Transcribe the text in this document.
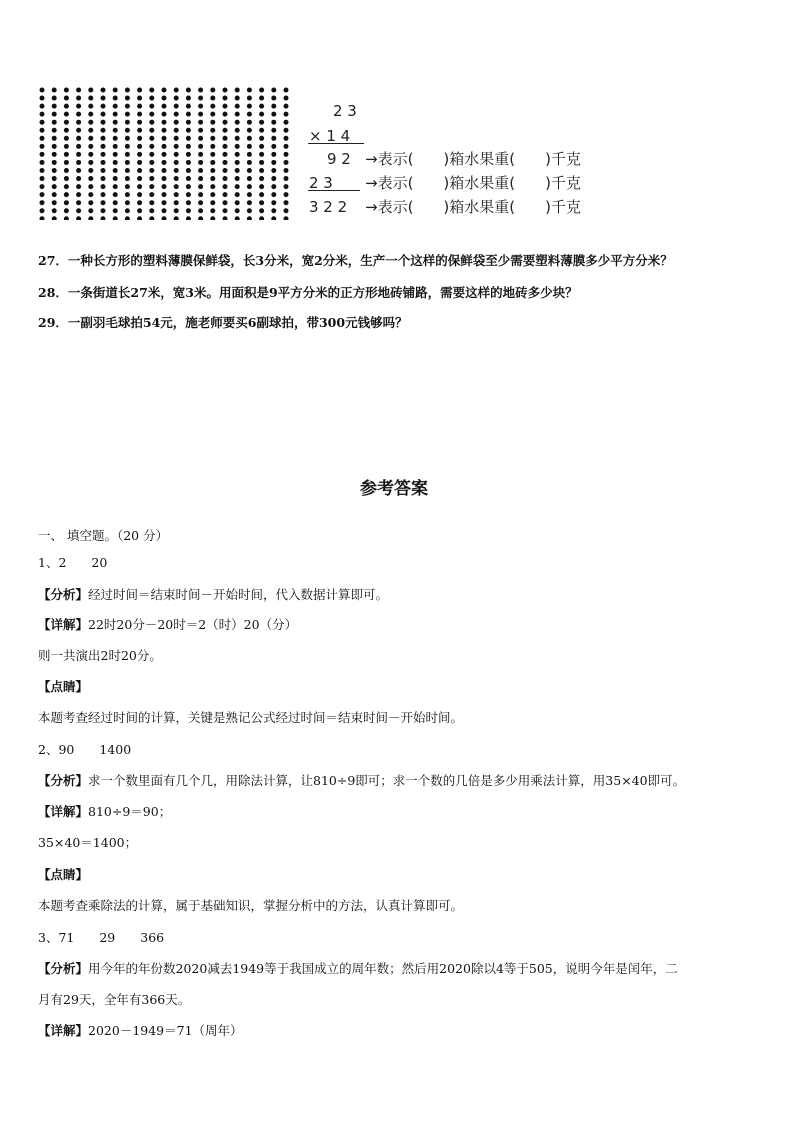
2 3
× 1 4
9 2 →表示(　　)箱水果重(　　)千克
2 3 →表示(　　)箱水果重(　　)千克
3 2 2 →表示(　　)箱水果重(　　)千克
27．一种长方形的塑料薄膜保鲜袋，长3分米，宽2分米，生产一个这样的保鲜袋至少需要塑料薄膜多少平方分米？
28．一条街道长27米，宽3米。用面积是9平方分米的正方形地砖铺路，需要这样的地砖多少块？
29．一副羽毛球拍54元，施老师要买6副球拍，带300元钱够吗？
参考答案
一、 填空题。（20 分）
1、2　　20
【分析】经过时间＝结束时间－开始时间，代入数据计算即可。
【详解】22时20分－20时＝2（时）20（分）
则一共演出2时20分。
【点睛】
本题考查经过时间的计算，关键是熟记公式经过时间＝结束时间－开始时间。
2、90　　1400
【分析】求一个数里面有几个几，用除法计算，让810÷9即可；求一个数的几倍是多少用乘法计算，用35×40即可。
【详解】810÷9＝90；
35×40＝1400；
【点睛】
本题考查乘除法的计算，属于基础知识，掌握分析中的方法，认真计算即可。
3、71　　29　　366
【分析】用今年的年份数2020减去1949等于我国成立的周年数；然后用2020除以4等于505，说明今年是闰年，二
月有29天，全年有366天。
【详解】2020－1949＝71（周年）
